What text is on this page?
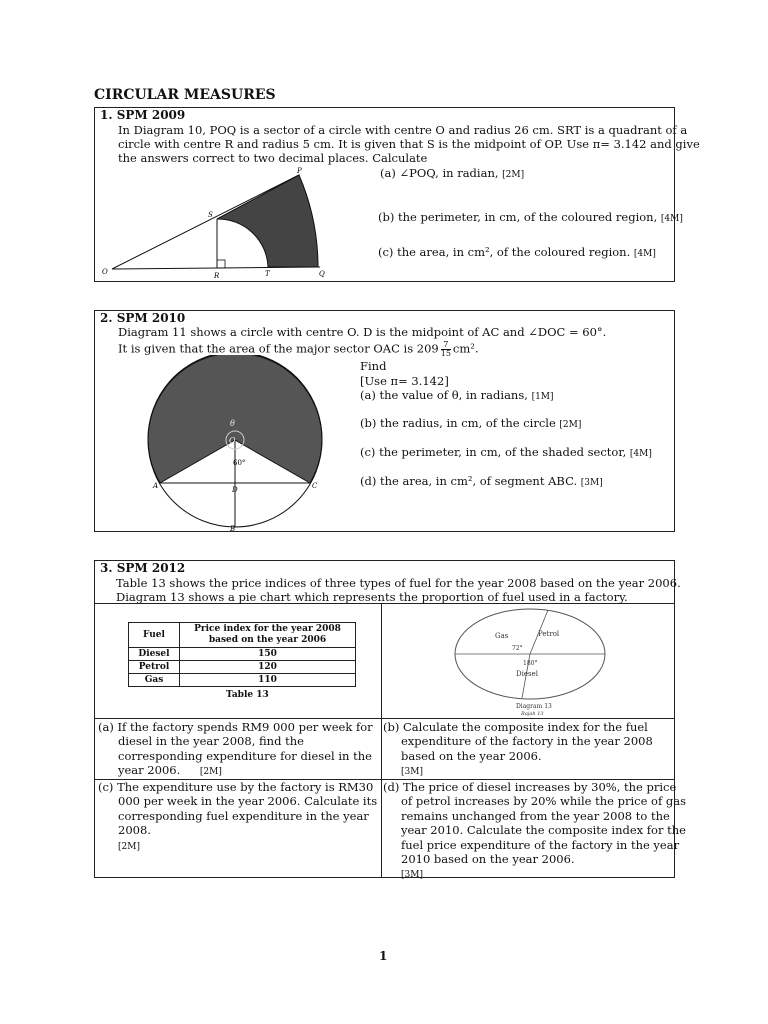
CIRCULAR MEASURES
1. SPM 2009
In Diagram 10, POQ is a sector of a circle with centre O and radius 26 cm. SRT is a quadrant of a
circle with centre R and radius 5 cm. It is given that S is the midpoint of OP. Use π= 3.142 and give
the answers correct to two decimal places. Calculate
P
S
O	R	T	Q
(a) ∠POQ, in radian, [2M]
(b) the perimeter, in cm, of the coloured region, [4M]
(c) the area, in cm², of the coloured region. [4M]
2. SPM 2010
Diagram 11 shows a circle with centre O. D is the midpoint of AC and ∠DOC = 60°.
It is given that the area of the major sector OAC is $209 \frac{7}{15} cm^2$.
Find
[Use π= 3.142]
(a) the value of θ, in radians, [1M]
(b) the radius, in cm, of the circle [2M]
(c) the perimeter, in cm, of the shaded sector, [4M]
(d) the area, in cm², of segment ABC. [3M]
θ
O
60°
A	D	C
B
3. SPM 2012
Table 13 shows the price indices of three types of fuel for the year 2008 based on the year 2006.
Diagram 13 shows a pie chart which represents the proportion of fuel used in a factory.
Fuel	Price index for the year 2008
based on the year 2006
Diesel	150
Petrol	120
Gas	110
Table 13
Gas	Petrol
72°
180°
Diesel
Diagram 13
Rajah 13
(a) If the factory spends RM9 000 per week for diesel in the year 2008, find the corresponding expenditure for diesel in the year 2006. [2M]
(b) Calculate the composite index for the fuel expenditure of the factory in the year 2008 based on the year 2006.
[3M]
(c) The expenditure use by the factory is RM30 000 per week in the year 2006. Calculate its corresponding fuel expenditure in the year 2008.
[2M]
(d) The price of diesel increases by 30%, the price of petrol increases by 20% while the price of gas remains unchanged from the year 2008 to the year 2010. Calculate the composite index for the fuel price expenditure of the factory in the year 2010 based on the year 2006.
[3M]
1
